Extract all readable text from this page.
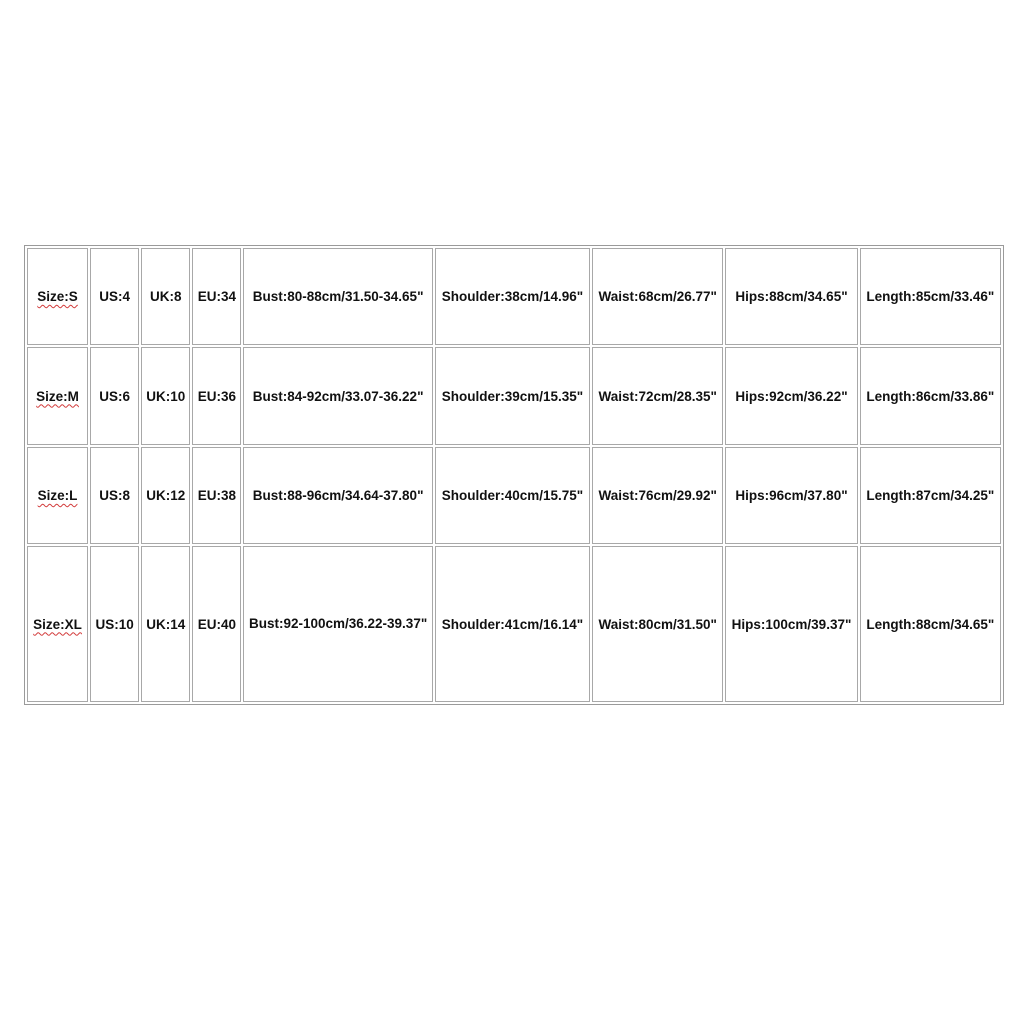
Size:S	US:4	UK:8	EU:34	Bust:80-88cm/31.50-34.65"	Shoulder:38cm/14.96"	Waist:68cm/26.77"	Hips:88cm/34.65"	Length:85cm/33.46"
Size:M	US:6	UK:10	EU:36	Bust:84-92cm/33.07-36.22"	Shoulder:39cm/15.35"	Waist:72cm/28.35"	Hips:92cm/36.22"	Length:86cm/33.86"
Size:L	US:8	UK:12	EU:38	Bust:88-96cm/34.64-37.80"	Shoulder:40cm/15.75"	Waist:76cm/29.92"	Hips:96cm/37.80"	Length:87cm/34.25"
Size:XL	US:10	UK:14	EU:40	Bust:92-100cm/36.22-39.37"	Shoulder:41cm/16.14"	Waist:80cm/31.50"	Hips:100cm/39.37"	Length:88cm/34.65"
